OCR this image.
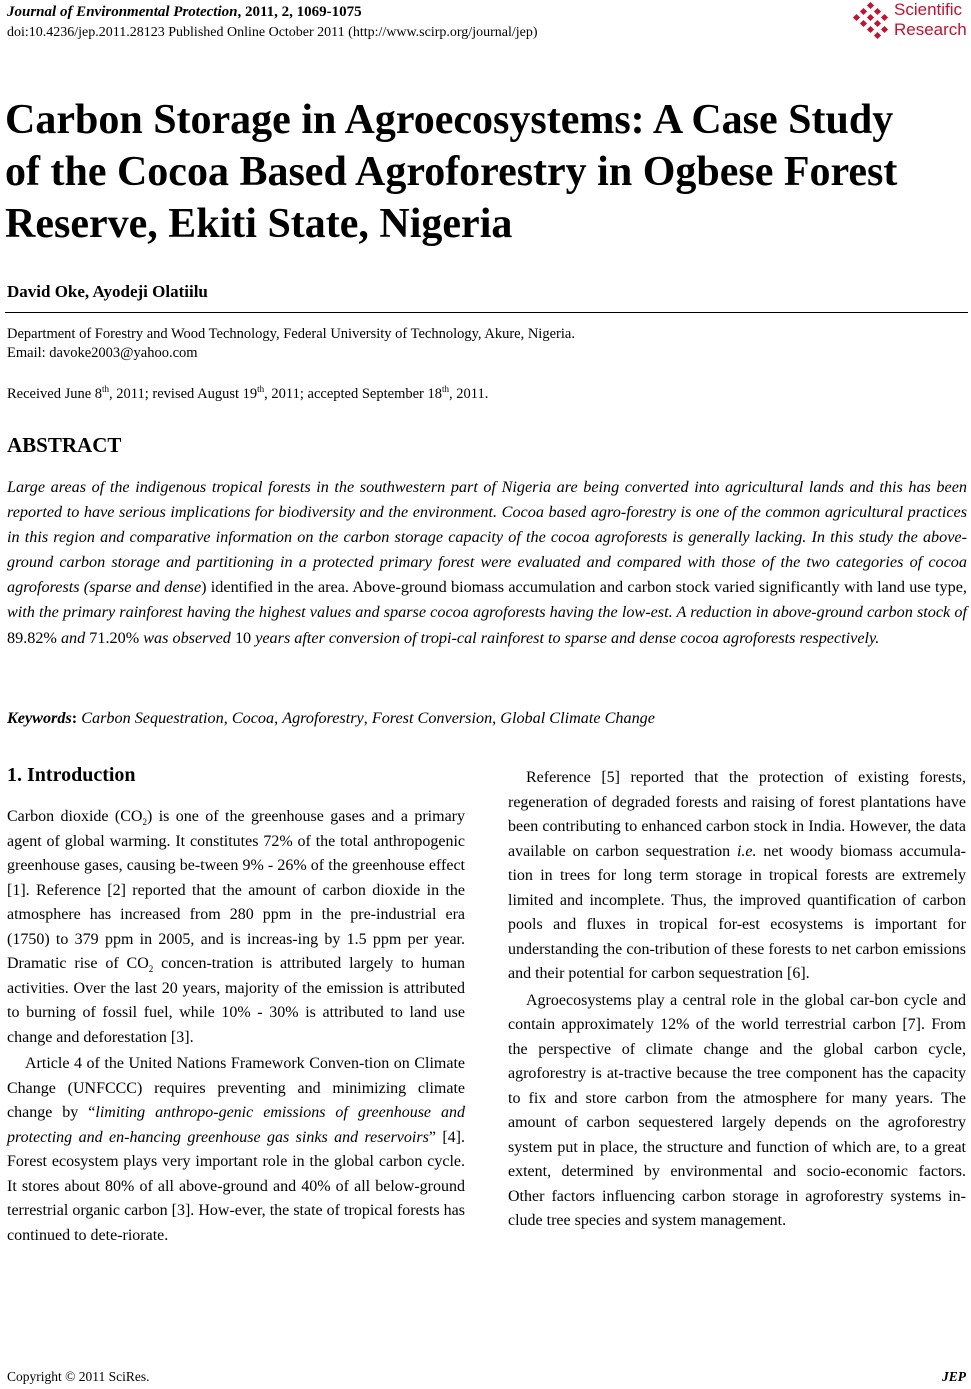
Journal of Environmental Protection, 2011, 2, 1069-1075
doi:10.4236/jep.2011.28123 Published Online October 2011 (http://www.scirp.org/journal/jep)
Scientific
Research
Carbon Storage in Agroecosystems: A Case Study
of the Cocoa Based Agroforestry in Ogbese Forest
Reserve, Ekiti State, Nigeria
David Oke, Ayodeji Olatiilu
Department of Forestry and Wood Technology, Federal University of Technology, Akure, Nigeria.
Email: davoke2003@yahoo.com
Received June 8th, 2011; revised August 19th, 2011; accepted September 18th, 2011.
ABSTRACT
Large areas of the indigenous tropical forests in the southwestern part of Nigeria are being converted into agricultural lands and this has been reported to have serious implications for biodiversity and the environment. Cocoa based agro-forestry is one of the common agricultural practices in this region and comparative information on the carbon storage capacity of the cocoa agroforests is generally lacking. In this study the above-ground carbon storage and partitioning in a protected primary forest were evaluated and compared with those of the two categories of cocoa agroforests (sparse and dense) identified in the area. Above-ground biomass accumulation and carbon stock varied significantly with land use type, with the primary rainforest having the highest values and sparse cocoa agroforests having the low-est. A reduction in above-ground carbon stock of 89.82% and 71.20% was observed 10 years after conversion of tropi-cal rainforest to sparse and dense cocoa agroforests respectively.
Keywords: Carbon Sequestration, Cocoa, Agroforestry, Forest Conversion, Global Climate Change
1. Introduction

Carbon dioxide $(CO_2)$ is one of the greenhouse gases and a primary agent of global warming. It constitutes 72% of the total anthropogenic greenhouse gases, causing be-tween 9% - 26% of the greenhouse effect [1]. Reference [2] reported that the amount of carbon dioxide in the atmosphere has increased from 280 ppm in the pre-industrial era (1750) to 379 ppm in 2005, and is increas-ing by 1.5 ppm per year. Dramatic rise of $CO_2$ concen-tration is attributed largely to human activities. Over the last 20 years, majority of the emission is attributed to burning of fossil fuel, while 10% - 30% is attributed to land use change and deforestation [3].

Article 4 of the United Nations Framework Conven-tion on Climate Change (UNFCCC) requires preventing and minimizing climate change by “limiting anthropo-genic emissions of greenhouse and protecting and en-hancing greenhouse gas sinks and reservoirs” [4]. Forest ecosystem plays very important role in the global carbon cycle. It stores about 80% of all above-ground and 40% of all below-ground terrestrial organic carbon [3]. How-ever, the state of tropical forests has continued to dete-riorate.

Reference [5] reported that the protection of existing forests, regeneration of degraded forests and raising of forest plantations have been contributing to enhanced carbon stock in India. However, the data available on carbon sequestration i.e. net woody biomass accumula-tion in trees for long term storage in tropical forests are extremely limited and incomplete. Thus, the improved quantification of carbon pools and fluxes in tropical for-est ecosystems is important for understanding the con-tribution of these forests to net carbon emissions and their potential for carbon sequestration [6].

Agroecosystems play a central role in the global car-bon cycle and contain approximately 12% of the world terrestrial carbon [7]. From the perspective of climate change and the global carbon cycle, agroforestry is at-tractive because the tree component has the capacity to fix and store carbon from the atmosphere for many years. The amount of carbon sequestered largely depends on the agroforestry system put in place, the structure and function of which are, to a great extent, determined by environmental and socio-economic factors. Other factors influencing carbon storage in agroforestry systems in-clude tree species and system management.

Copyright © 2011 SciRes.	JEP
